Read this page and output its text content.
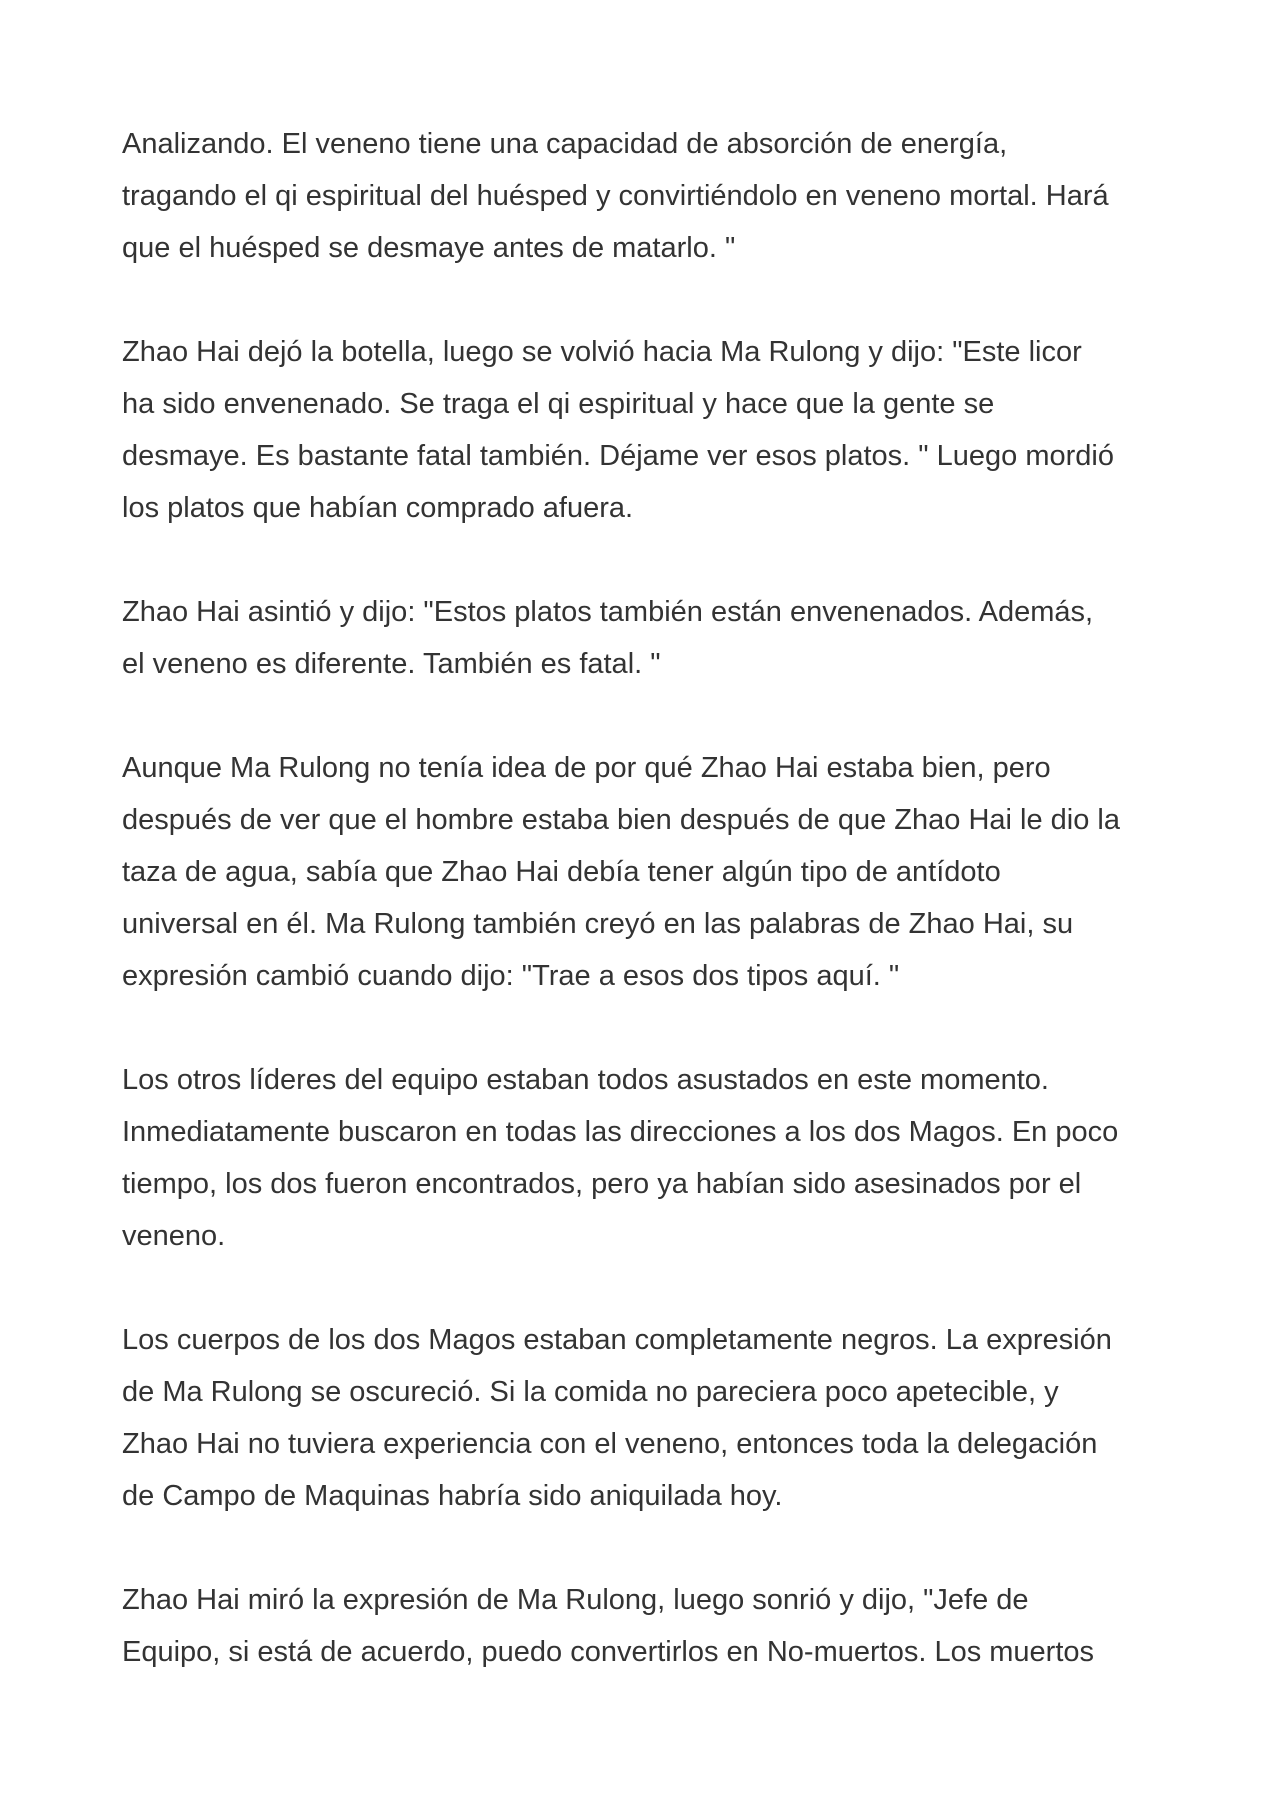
Analizando. El veneno tiene una capacidad de absorción de energía,
tragando el qi espiritual del huésped y convirtiéndolo en veneno mortal. Hará
que el huésped se desmaye antes de matarlo. "

Zhao Hai dejó la botella, luego se volvió hacia Ma Rulong y dijo: "Este licor
ha sido envenenado. Se traga el qi espiritual y hace que la gente se
desmaye. Es bastante fatal también. Déjame ver esos platos. " Luego mordió
los platos que habían comprado afuera.

Zhao Hai asintió y dijo: "Estos platos también están envenenados. Además,
el veneno es diferente. También es fatal. "

Aunque Ma Rulong no tenía idea de por qué Zhao Hai estaba bien, pero
después de ver que el hombre estaba bien después de que Zhao Hai le dio la
taza de agua, sabía que Zhao Hai debía tener algún tipo de antídoto
universal en él. Ma Rulong también creyó en las palabras de Zhao Hai, su
expresión cambió cuando dijo: "Trae a esos dos tipos aquí. "

Los otros líderes del equipo estaban todos asustados en este momento.
Inmediatamente buscaron en todas las direcciones a los dos Magos. En poco
tiempo, los dos fueron encontrados, pero ya habían sido asesinados por el
veneno.

Los cuerpos de los dos Magos estaban completamente negros. La expresión
de Ma Rulong se oscureció. Si la comida no pareciera poco apetecible, y
Zhao Hai no tuviera experiencia con el veneno, entonces toda la delegación
de Campo de Maquinas habría sido aniquilada hoy.

Zhao Hai miró la expresión de Ma Rulong, luego sonrió y dijo, "Jefe de
Equipo, si está de acuerdo, puedo convertirlos en No-muertos. Los muertos
